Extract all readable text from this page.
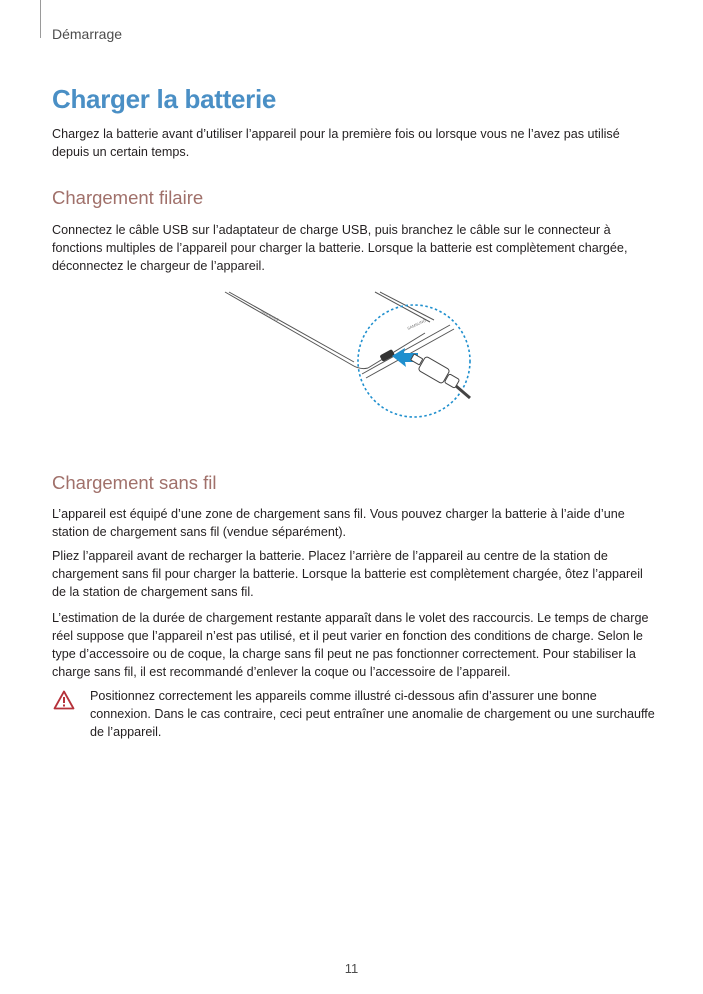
Démarrage
Charger la batterie

Chargez la batterie avant d’utiliser l’appareil pour la première fois ou lorsque vous ne l’avez pas utilisé depuis un certain temps.

Chargement filaire

Connectez le câble USB sur l’adaptateur de charge USB, puis branchez le câble sur le connecteur à fonctions multiples de l’appareil pour charger la batterie. Lorsque la batterie est complètement chargée, déconnectez le chargeur de l’appareil.

SAMSUNG
SAMSUNG
Chargement sans fil

L’appareil est équipé d’une zone de chargement sans fil. Vous pouvez charger la batterie à l’aide d’une station de chargement sans fil (vendue séparément).

Pliez l’appareil avant de recharger la batterie. Placez l’arrière de l’appareil au centre de la station de chargement sans fil pour charger la batterie. Lorsque la batterie est complètement chargée, ôtez l’appareil de la station de chargement sans fil.

L’estimation de la durée de chargement restante apparaît dans le volet des raccourcis. Le temps de charge réel suppose que l’appareil n’est pas utilisé, et il peut varier en fonction des conditions de charge. Selon le type d’accessoire ou de coque, la charge sans fil peut ne pas fonctionner correctement. Pour stabiliser la charge sans fil, il est recommandé d’enlever la coque ou l’accessoire de l’appareil.

Positionnez correctement les appareils comme illustré ci-dessous afin d’assurer une bonne connexion. Dans le cas contraire, ceci peut entraîner une anomalie de chargement ou une surchauffe de l’appareil.

11
